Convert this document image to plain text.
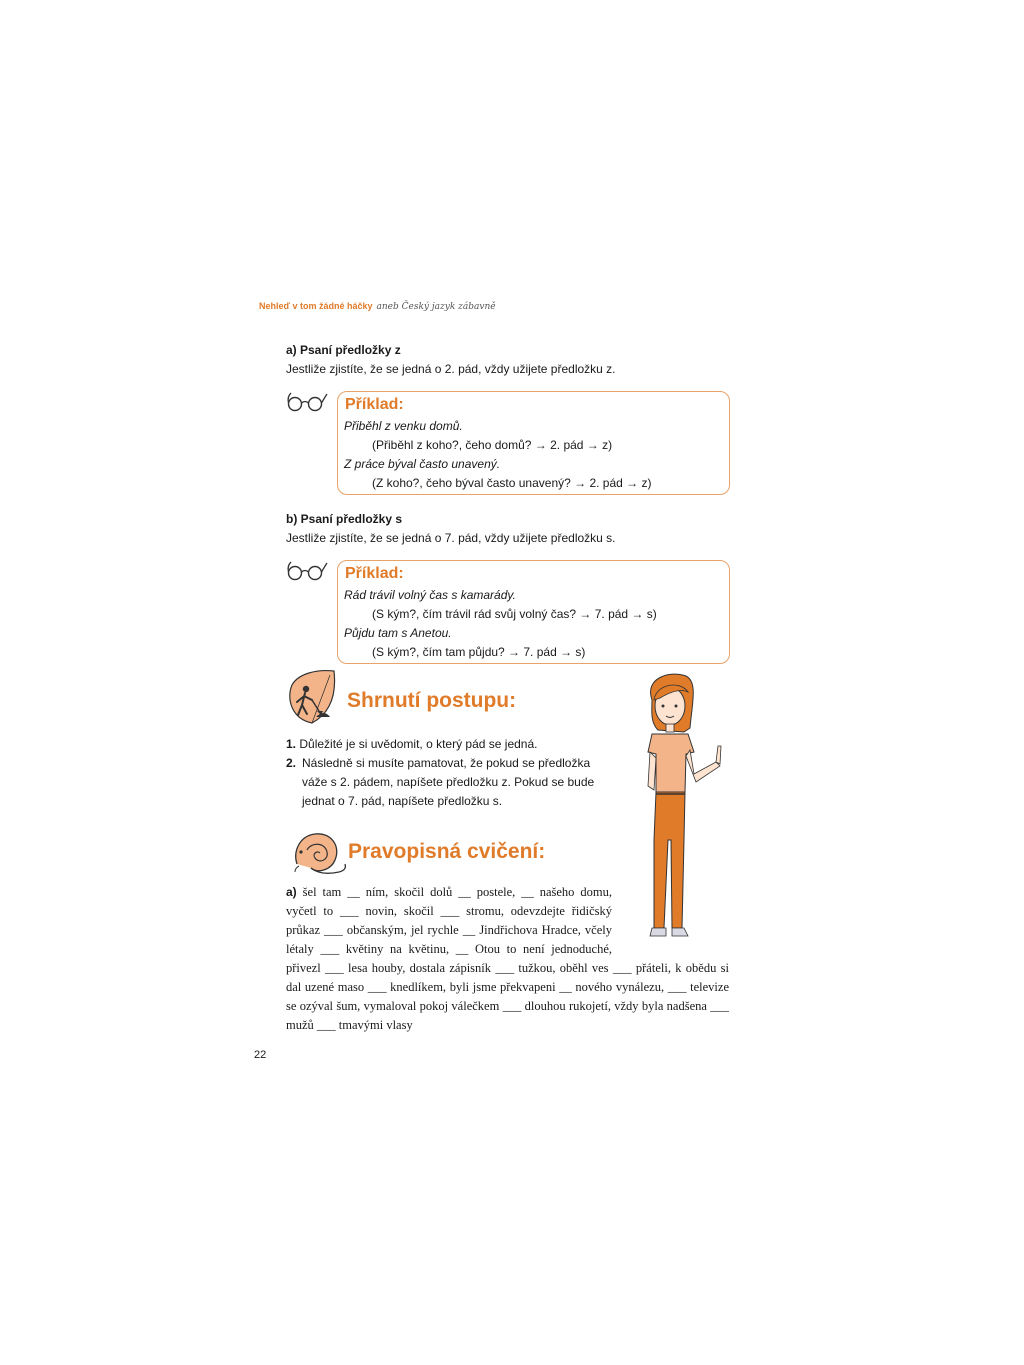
Nehleď v tom žádné háčky aneb Český jazyk zábavně
a) Psaní předložky z
Jestliže zjistíte, že se jedná o 2. pád, vždy užijete předložku z.
Příklad:
Přiběhl z venku domů.
(Přiběhl z koho?, čeho domů? → 2. pád → z)
Z práce býval často unavený.
(Z koho?, čeho býval často unavený? → 2. pád → z)
b) Psaní předložky s
Jestliže zjistíte, že se jedná o 7. pád, vždy užijete předložku s.
Příklad:
Rád trávil volný čas s kamarády.
(S kým?, čím trávil rád svůj volný čas? → 7. pád → s)
Půjdu tam s Anetou.
(S kým?, čím tam půjdu? → 7. pád → s)
Shrnutí postupu:
1. Důležité je si uvědomit, o který pád se jedná.
2. Následně si musíte pamatovat, že pokud se předložka váže s 2. pádem, napíšete předložku z. Pokud se bude jednat o 7. pád, napíšete předložku s.
Pravopisná cvičení:
a) šel tam __ ním, skočil dolů __ postele, __ našeho domu, vyčetl to ___ novin, skočil ___ stromu, odevzdejte řidičský průkaz ___ občanským, jel rychle __ Jindřichova Hradce, včely létaly ___ květiny na květinu, __ Otou to není jednoduché, přivezl ___ lesa houby, dostala zápisník ___ tužkou, oběhl ves ___ přáteli, k obědu si dal uzené maso ___ knedlíkem, byli jsme překvapeni __ nového vynálezu, ___ televize se ozýval šum, vymaloval pokoj válečkem ___ dlouhou rukojetí, vždy byla nadšena ___ mužů ___ tmavými vlasy
22
